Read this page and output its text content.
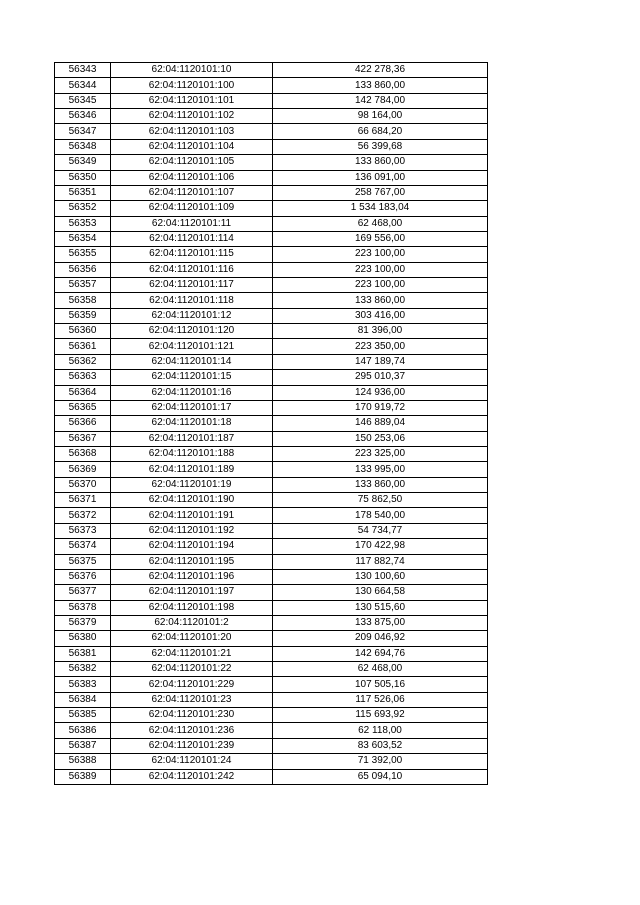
56343	62:04:1120101:10	422 278,36
56344	62:04:1120101:100	133 860,00
56345	62:04:1120101:101	142 784,00
56346	62:04:1120101:102	98 164,00
56347	62:04:1120101:103	66 684,20
56348	62:04:1120101:104	56 399,68
56349	62:04:1120101:105	133 860,00
56350	62:04:1120101:106	136 091,00
56351	62:04:1120101:107	258 767,00
56352	62:04:1120101:109	1 534 183,04
56353	62:04:1120101:11	62 468,00
56354	62:04:1120101:114	169 556,00
56355	62:04:1120101:115	223 100,00
56356	62:04:1120101:116	223 100,00
56357	62:04:1120101:117	223 100,00
56358	62:04:1120101:118	133 860,00
56359	62:04:1120101:12	303 416,00
56360	62:04:1120101:120	81 396,00
56361	62:04:1120101:121	223 350,00
56362	62:04:1120101:14	147 189,74
56363	62:04:1120101:15	295 010,37
56364	62:04:1120101:16	124 936,00
56365	62:04:1120101:17	170 919,72
56366	62:04:1120101:18	146 889,04
56367	62:04:1120101:187	150 253,06
56368	62:04:1120101:188	223 325,00
56369	62:04:1120101:189	133 995,00
56370	62:04:1120101:19	133 860,00
56371	62:04:1120101:190	75 862,50
56372	62:04:1120101:191	178 540,00
56373	62:04:1120101:192	54 734,77
56374	62:04:1120101:194	170 422,98
56375	62:04:1120101:195	117 882,74
56376	62:04:1120101:196	130 100,60
56377	62:04:1120101:197	130 664,58
56378	62:04:1120101:198	130 515,60
56379	62:04:1120101:2	133 875,00
56380	62:04:1120101:20	209 046,92
56381	62:04:1120101:21	142 694,76
56382	62:04:1120101:22	62 468,00
56383	62:04:1120101:229	107 505,16
56384	62:04:1120101:23	117 526,06
56385	62:04:1120101:230	115 693,92
56386	62:04:1120101:236	62 118,00
56387	62:04:1120101:239	83 603,52
56388	62:04:1120101:24	71 392,00
56389	62:04:1120101:242	65 094,10
